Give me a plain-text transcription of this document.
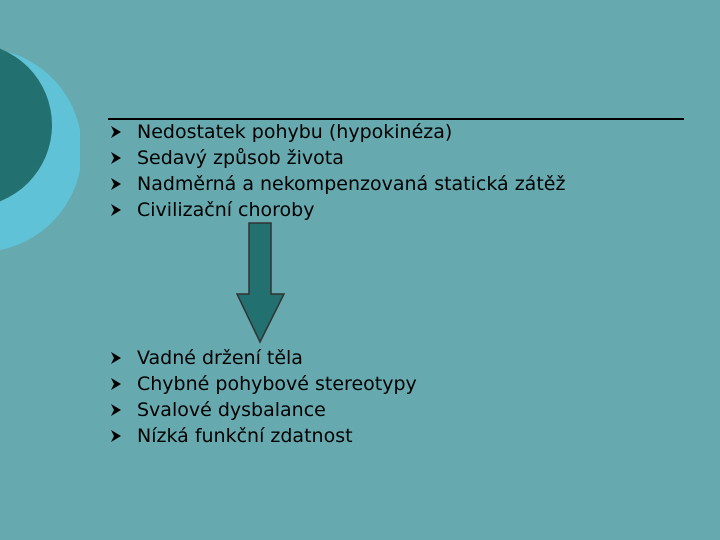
Nedostatek pohybu (hypokinéza)
Sedavý způsob života
Nadměrná a nekompenzovaná statická zátěž
Civilizační choroby
Vadné držení těla
Chybné pohybové stereotypy
Svalové dysbalance
Nízká funkční zdatnost
